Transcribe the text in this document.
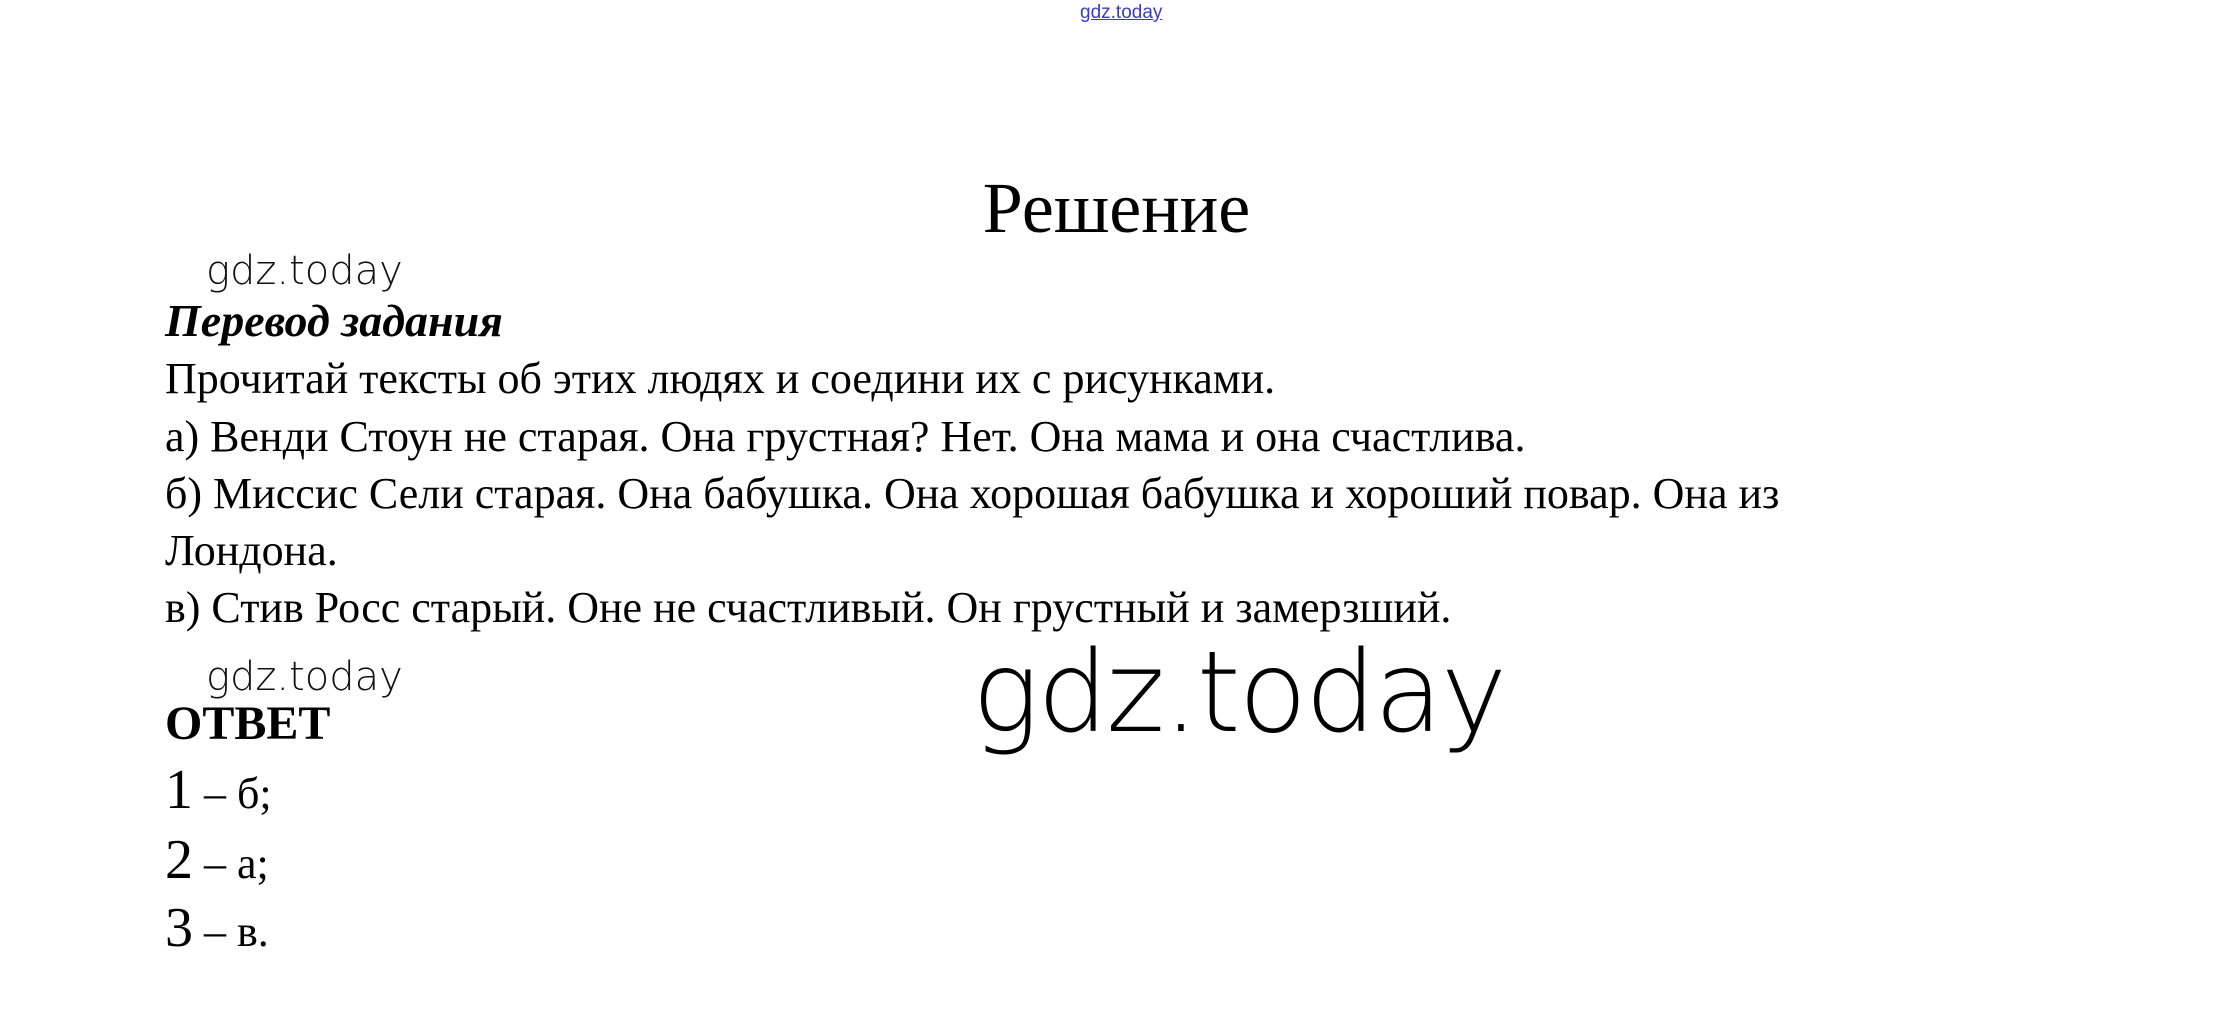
gdz.today
Решение
gdz.today
Перевод задания
Прочитай тексты об этих людях и соедини их с рисунками.
а) Венди Стоун не старая. Она грустная? Нет. Она мама и она счастлива.
б) Миссис Сели старая. Она бабушка. Она хорошая бабушка и хороший повар. Она из
Лондона.
в) Стив Росс старый. Оне не счастливый. Он грустный и замерзший.
gdz.today	gdz.today
ОТВЕТ
1 – б;
2 – а;
3 – в.
